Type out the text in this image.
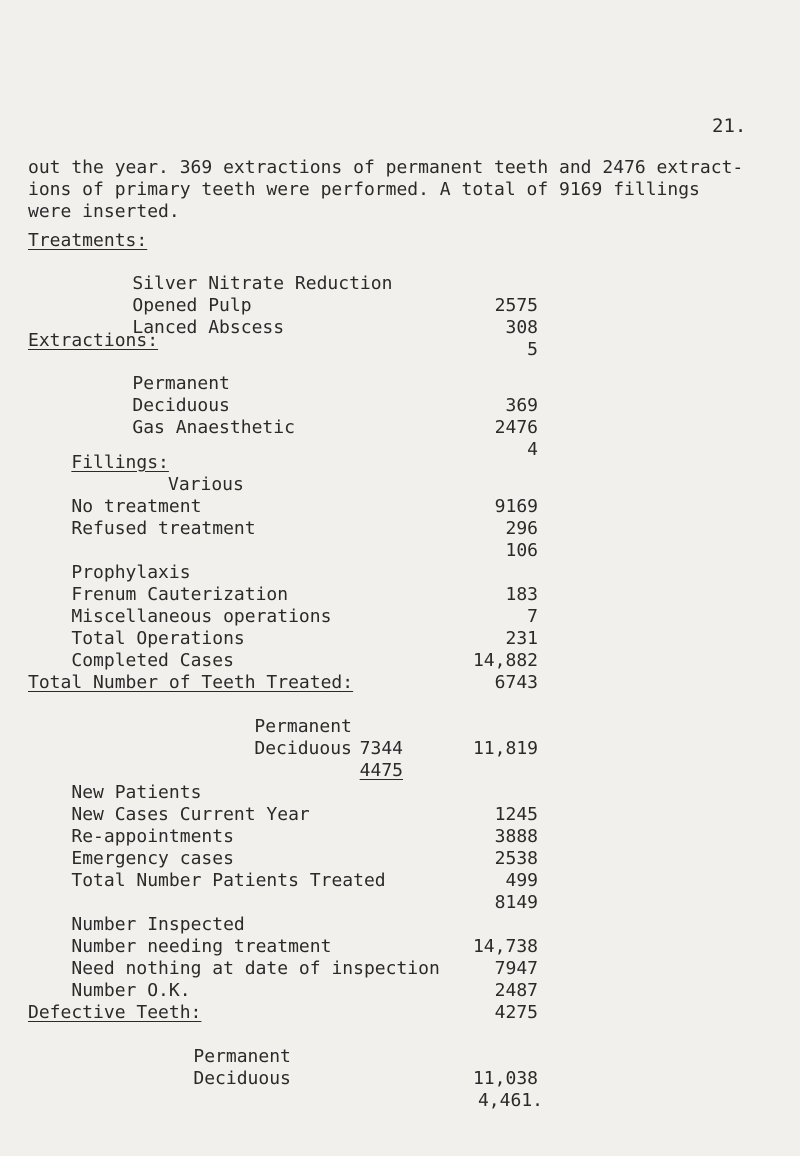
21.
out the year. 369 extractions of permanent teeth and 2476 extract-
ions of primary teeth were performed. A total of 9169 fillings
were inserted.
Treatments:

Silver Nitrate Reduction

2575

Opened Pulp

308

Lanced Abscess

5

Extractions:

Permanent

369

Deciduous

2476

Gas Anaesthetic

4

Fillings:

Various

9169

No treatment

296

Refused treatment

106

Prophylaxis

183

Frenum Cauterization

7

Miscellaneous operations

231

Total Operations

14,882

Completed Cases

6743

Total Number of Teeth Treated:

Permanent

7344

Deciduous

4475

11,819

New Patients

1245

New Cases Current Year

3888

Re-appointments

2538

Emergency cases

499

Total Number Patients Treated

8149

Number Inspected

14,738

Number needing treatment

7947

Need nothing at date of inspection

2487

Number O.K.

4275

Defective Teeth:

Permanent

11,038

Deciduous

4,461.
